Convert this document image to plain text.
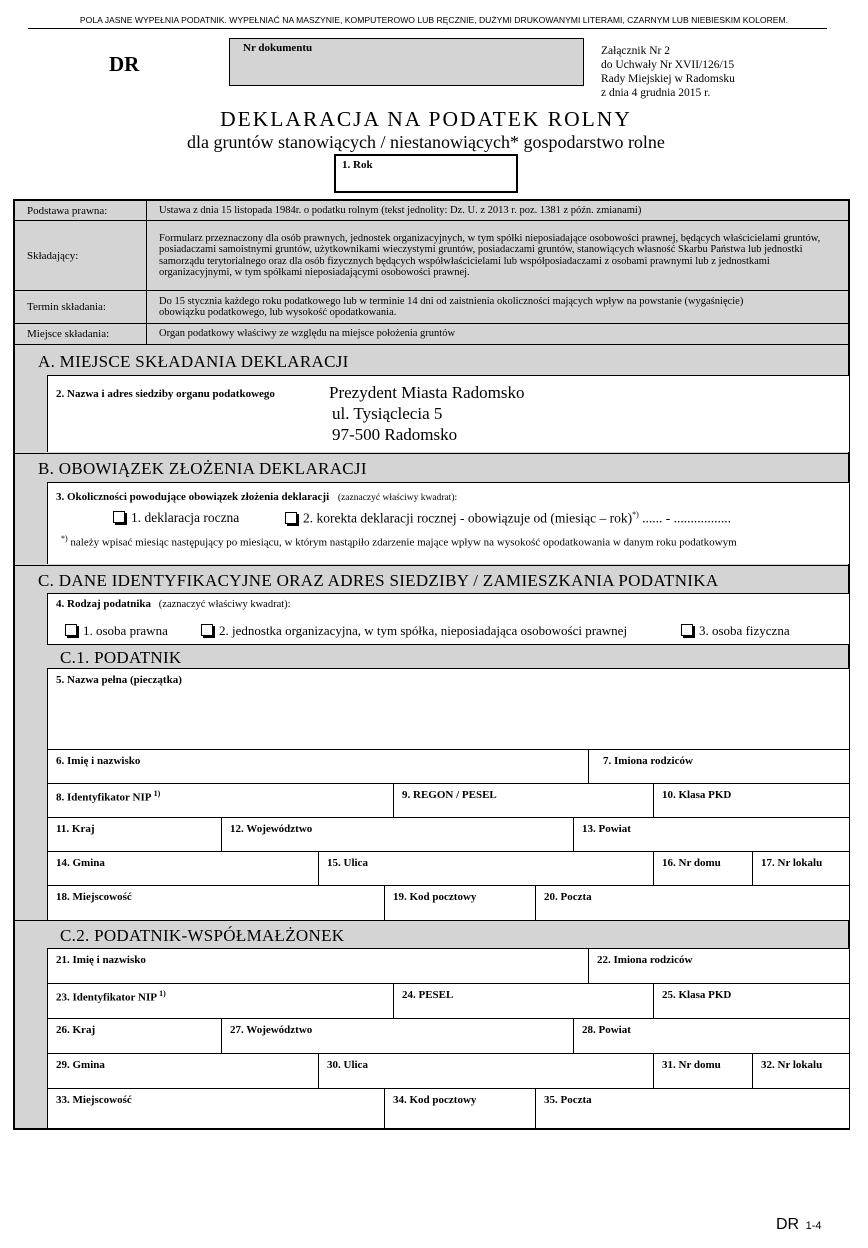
POLA JASNE WYPEŁNIA PODATNIK. WYPEŁNIAĆ NA MASZYNIE, KOMPUTEROWO LUB RĘCZNIE, DUŻYMI DRUKOWANYMI LITERAMI, CZARNYM LUB NIEBIESKIM KOLOREM.
DR
Nr dokumentu	Załącznik Nr 2
do Uchwały Nr XVII/126/15
Rady Miejskiej w Radomsku
z dnia 4 grudnia 2015 r.
DEKLARACJA NA PODATEK ROLNY
dla gruntów stanowiących / niestanowiących* gospodarstwo rolne
1. Rok
Podstawa prawna:	Ustawa z dnia 15 listopada 1984r. o podatku rolnym (tekst jednolity: Dz. U. z 2013 r. poz. 1381 z późn. zmianami)
Składający:
Formularz przeznaczony dla osób prawnych, jednostek organizacyjnych, w tym spółki nieposiadające osobowości prawnej, będących właścicielami gruntów, posiadaczami samoistnymi gruntów, użytkownikami wieczystymi gruntów, posiadaczami gruntów, stanowiących własność Skarbu Państwa lub jednostki samorządu terytorialnego oraz dla osób fizycznych będących współwłaścicielami lub współposiadaczami z osobami prawnymi lub z jednostkami organizacyjnymi, w tym spółkami nieposiadającymi osobowości prawnej.
Termin składania:	Do 15 stycznia każdego roku podatkowego lub w terminie 14 dni od zaistnienia okoliczności mających wpływ na powstanie (wygaśnięcie) obowiązku podatkowego, lub wysokość opodatkowania.
Miejsce składania:	Organ podatkowy właściwy ze względu na miejsce położenia gruntów
A. MIEJSCE SKŁADANIA DEKLARACJI
2. Nazwa i adres siedziby organu podatkowego	Prezydent Miasta Radomsko
ul. Tysiąclecia 5
97-500 Radomsko
B. OBOWIĄZEK ZŁOŻENIA DEKLARACJI
3. Okoliczności powodujące obowiązek złożenia deklaracji (zaznaczyć właściwy kwadrat):
1. deklaracja roczna	2. korekta deklaracji rocznej - obowiązuje od (miesiąc – rok)*) ...... - .................
*) należy wpisać miesiąc następujący po miesiącu, w którym nastąpiło zdarzenie mające wpływ na wysokość opodatkowania w danym roku podatkowym
C. DANE IDENTYFIKACYJNE ORAZ ADRES SIEDZIBY / ZAMIESZKANIA PODATNIKA
4. Rodzaj podatnika (zaznaczyć właściwy kwadrat):
1. osoba prawna	2. jednostka organizacyjna, w tym spółka, nieposiadająca osobowości prawnej	3. osoba fizyczna
C.1. PODATNIK
5. Nazwa pełna (pieczątka)
6. Imię i nazwisko	7. Imiona rodziców
8. Identyfikator NIP $^{1)}$	9. REGON / PESEL	10. Klasa PKD
11. Kraj	12. Województwo	13. Powiat
14. Gmina	15. Ulica	16. Nr domu	17. Nr lokalu
18. Miejscowość	19. Kod pocztowy	20. Poczta
C.2. PODATNIK-WSPÓŁMAŁŻONEK
21. Imię i nazwisko	22. Imiona rodziców
23. Identyfikator NIP $^{1)}$	24. PESEL	25. Klasa PKD
26. Kraj	27. Województwo	28. Powiat
29. Gmina	30. Ulica	31. Nr domu	32. Nr lokalu
33. Miejscowość	34. Kod pocztowy	35. Poczta
DR 1-4
